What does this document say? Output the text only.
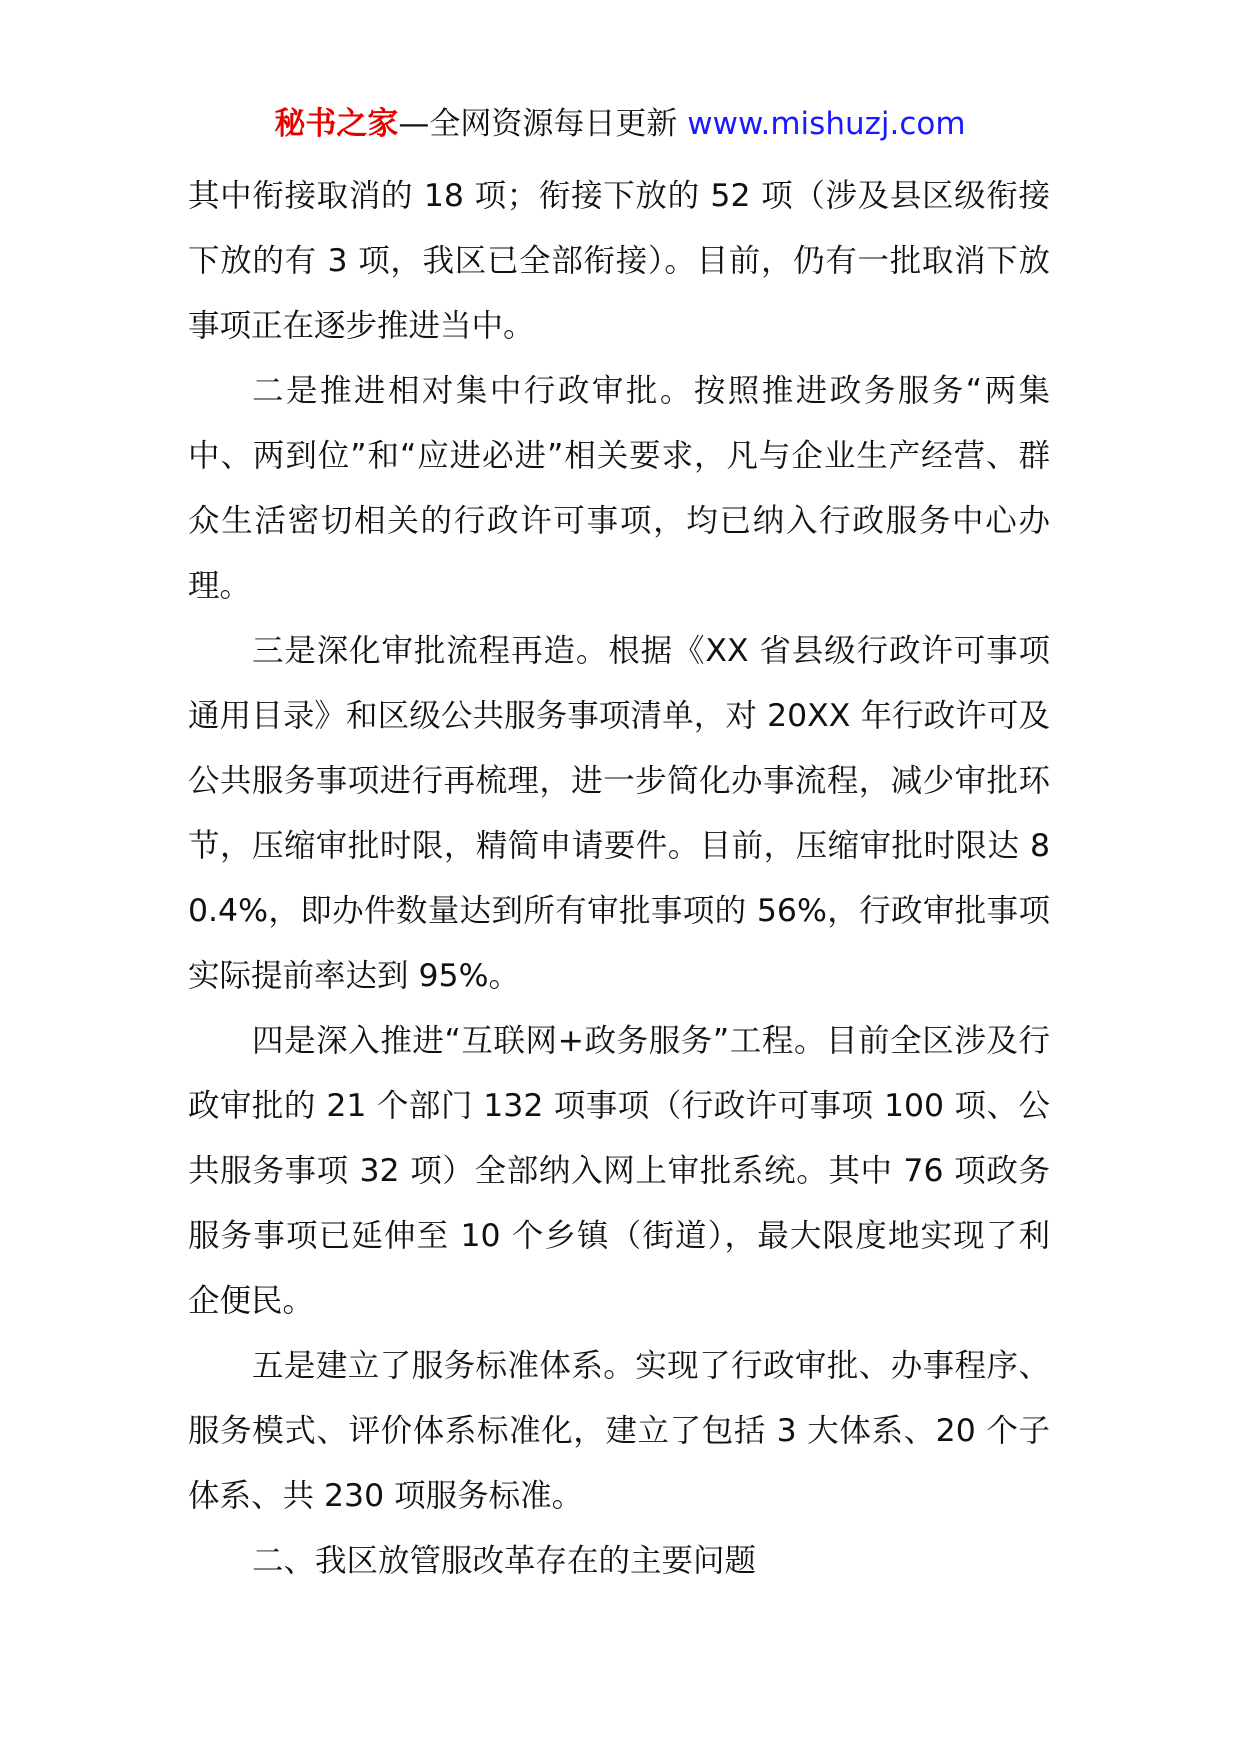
秘书之家—全网资源每日更新 www.mishuzj.com

其中衔接取消的 18 项；衔接下放的 52 项（涉及县区级衔接下放的有 3 项，我区已全部衔接）。目前，仍有一批取消下放事项正在逐步推进当中。

二是推进相对集中行政审批。按照推进政务服务“两集中、两到位”和“应进必进”相关要求，凡与企业生产经营、群众生活密切相关的行政许可事项，均已纳入行政服务中心办理。

三是深化审批流程再造。根据《XX 省县级行政许可事项通用目录》和区级公共服务事项清单，对 20XX 年行政许可及公共服务事项进行再梳理，进一步简化办事流程，减少审批环节，压缩审批时限，精简申请要件。目前，压缩审批时限达 80.4%，即办件数量达到所有审批事项的 56%，行政审批事项实际提前率达到 95%。

四是深入推进“互联网+政务服务”工程。目前全区涉及行政审批的 21 个部门 132 项事项（行政许可事项 100 项、公共服务事项 32 项）全部纳入网上审批系统。其中 76 项政务服务事项已延伸至 10 个乡镇（街道），最大限度地实现了利企便民。

五是建立了服务标准体系。实现了行政审批、办事程序、服务模式、评价体系标准化，建立了包括 3 大体系、20 个子体系、共 230 项服务标准。

二、我区放管服改革存在的主要问题
